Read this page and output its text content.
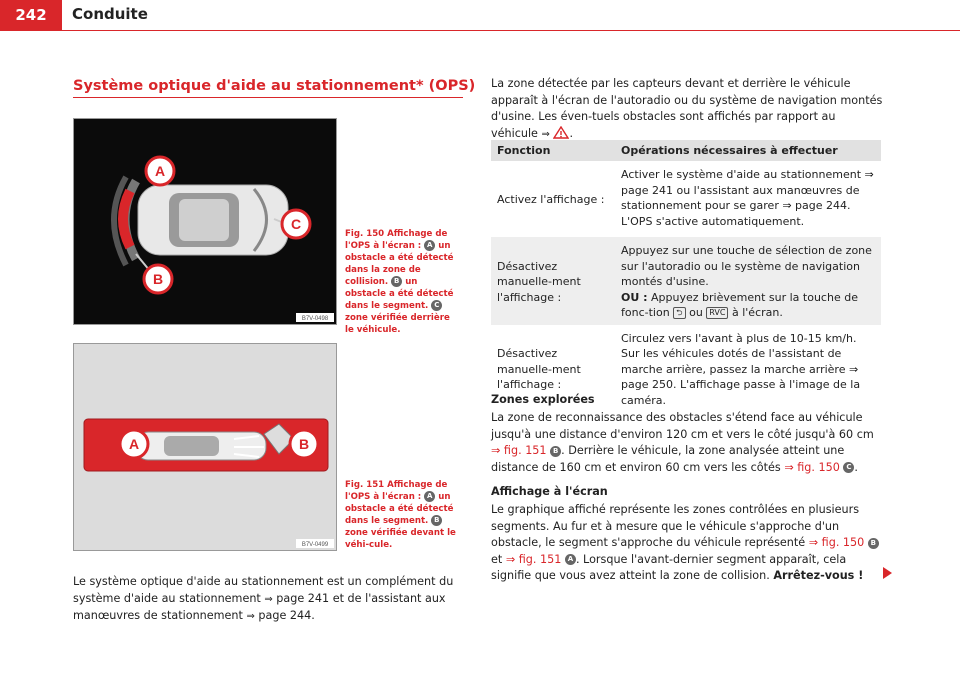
242	Conduite
Système optique d'aide au stationnement* (OPS)
A
B
C
B7V-0498
Fig. 150 Affichage de l'OPS à l'écran : A un obstacle a été détecté dans la zone de collision. B un obstacle a été détecté dans le segment. C zone vérifiée derrière le véhicule.
A	B
B7V-0499
Fig. 151 Affichage de l'OPS à l'écran : A un obstacle a été détecté dans le segment. B zone vérifiée devant le véhi-cule.
Le système optique d'aide au stationnement est un complément du système d'aide au stationnement ⇒ page 241 et de l'assistant aux manœuvres de stationnement ⇒ page 244.
La zone détectée par les capteurs devant et derrière le véhicule apparaît à l'écran de l'autoradio ou du système de navigation montés d'usine. Les éven-tuels obstacles sont affichés par rapport au véhicule ⇒ .
Fonction	Opérations nécessaires à effectuer
Activez l'affichage :	Activer le système d'aide au stationnement ⇒ page 241 ou l'assistant aux manœuvres de stationnement pour se garer ⇒ page 244. L'OPS s'active automatiquement.
Désactivez manuelle-ment l'affichage :	Appuyez sur une touche de sélection de zone sur l'autoradio ou le système de navigation montés d'usine.
OU : Appuyez brièvement sur la touche de fonc-tion ⮌ ou RVC à l'écran.
Désactivez manuelle-ment l'affichage :	Circulez vers l'avant à plus de 10-15 km/h. Sur les véhicules dotés de l'assistant de marche arrière, passez la marche arrière ⇒ page 250. L'affichage passe à l'image de la caméra.
Zones explorées
La zone de reconnaissance des obstacles s'étend face au véhicule jusqu'à une distance d'environ 120 cm et vers le côté jusqu'à 60 cm ⇒ fig. 151 B . Derrière le véhicule, la zone analysée atteint une distance de 160 cm et environ 60 cm vers les côtés ⇒ fig. 150 C .
Affichage à l'écran
Le graphique affiché représente les zones contrôlées en plusieurs segments. Au fur et à mesure que le véhicule s'approche d'un obstacle, le segment s'approche du véhicule représenté ⇒ fig. 150 B et ⇒ fig. 151 A . Lorsque l'avant-dernier segment apparaît, cela signifie que vous avez atteint la zone de collision. Arrêtez-vous !
